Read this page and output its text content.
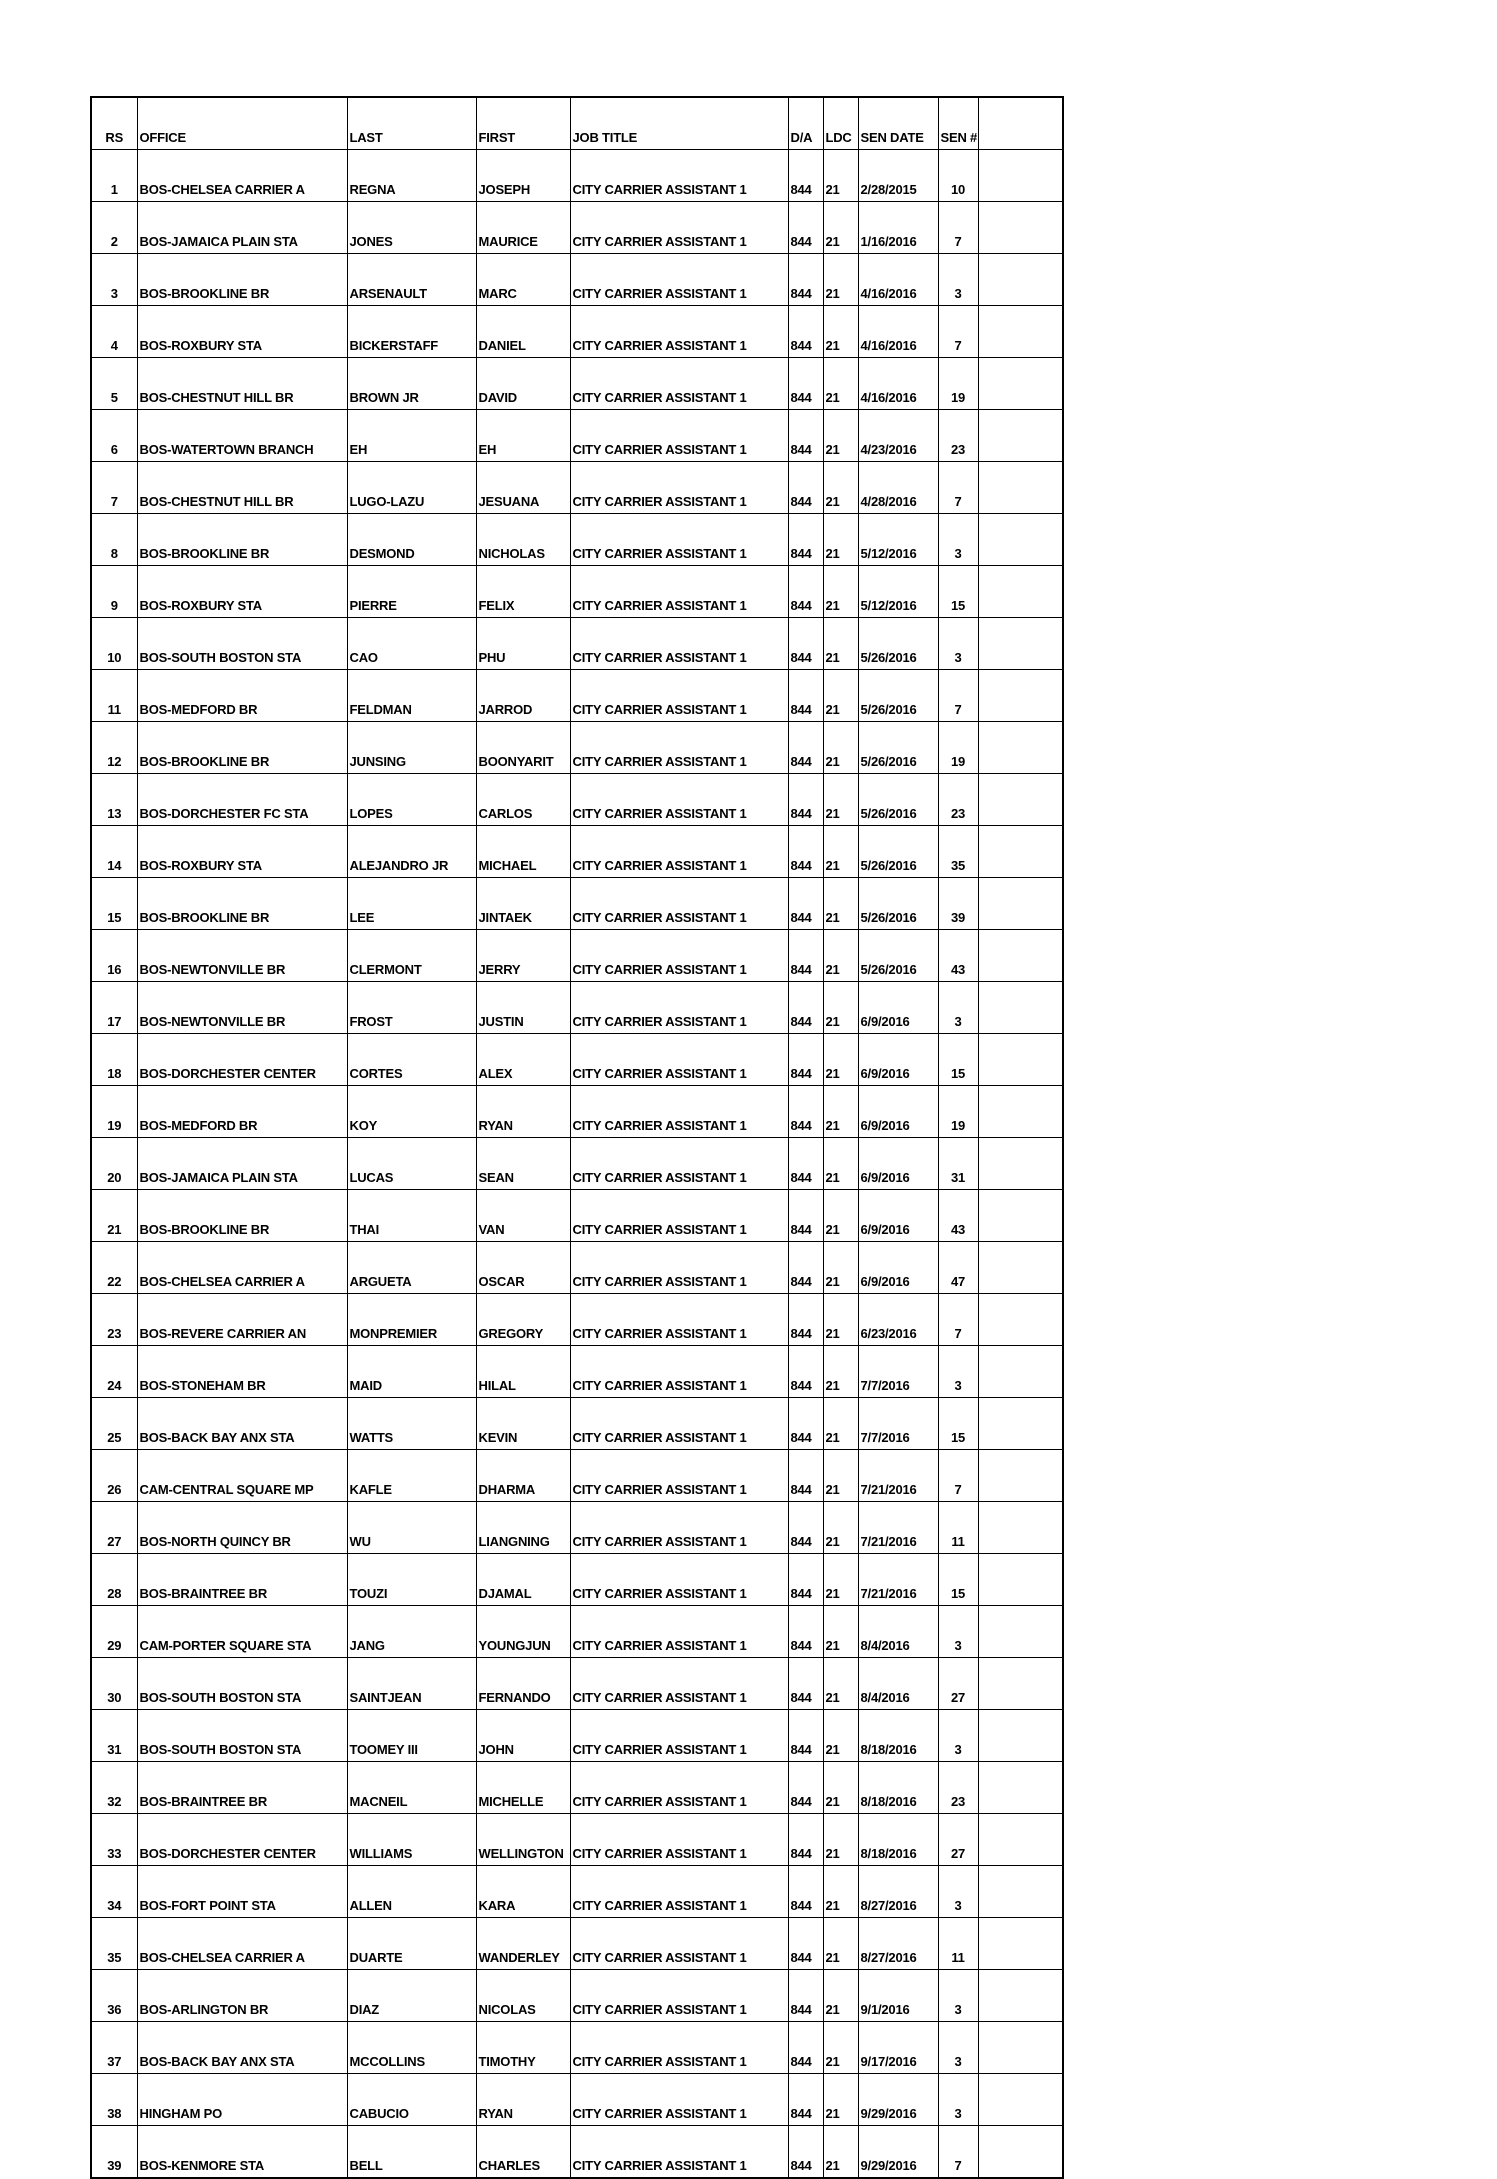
RS	OFFICE	LAST	FIRST	JOB TITLE	D/A	LDC	SEN DATE	SEN #	
1	BOS-CHELSEA CARRIER A	REGNA	JOSEPH	CITY CARRIER ASSISTANT 1	844	21	2/28/2015	10	
2	BOS-JAMAICA PLAIN STA	JONES	MAURICE	CITY CARRIER ASSISTANT 1	844	21	1/16/2016	7	
3	BOS-BROOKLINE BR	ARSENAULT	MARC	CITY CARRIER ASSISTANT 1	844	21	4/16/2016	3	
4	BOS-ROXBURY STA	BICKERSTAFF	DANIEL	CITY CARRIER ASSISTANT 1	844	21	4/16/2016	7	
5	BOS-CHESTNUT HILL BR	BROWN JR	DAVID	CITY CARRIER ASSISTANT 1	844	21	4/16/2016	19	
6	BOS-WATERTOWN BRANCH	EH	EH	CITY CARRIER ASSISTANT 1	844	21	4/23/2016	23	
7	BOS-CHESTNUT HILL BR	LUGO-LAZU	JESUANA	CITY CARRIER ASSISTANT 1	844	21	4/28/2016	7	
8	BOS-BROOKLINE BR	DESMOND	NICHOLAS	CITY CARRIER ASSISTANT 1	844	21	5/12/2016	3	
9	BOS-ROXBURY STA	PIERRE	FELIX	CITY CARRIER ASSISTANT 1	844	21	5/12/2016	15	
10	BOS-SOUTH BOSTON STA	CAO	PHU	CITY CARRIER ASSISTANT 1	844	21	5/26/2016	3	
11	BOS-MEDFORD BR	FELDMAN	JARROD	CITY CARRIER ASSISTANT 1	844	21	5/26/2016	7	
12	BOS-BROOKLINE BR	JUNSING	BOONYARIT	CITY CARRIER ASSISTANT 1	844	21	5/26/2016	19	
13	BOS-DORCHESTER FC STA	LOPES	CARLOS	CITY CARRIER ASSISTANT 1	844	21	5/26/2016	23	
14	BOS-ROXBURY STA	ALEJANDRO JR	MICHAEL	CITY CARRIER ASSISTANT 1	844	21	5/26/2016	35	
15	BOS-BROOKLINE BR	LEE	JINTAEK	CITY CARRIER ASSISTANT 1	844	21	5/26/2016	39	
16	BOS-NEWTONVILLE BR	CLERMONT	JERRY	CITY CARRIER ASSISTANT 1	844	21	5/26/2016	43	
17	BOS-NEWTONVILLE BR	FROST	JUSTIN	CITY CARRIER ASSISTANT 1	844	21	6/9/2016	3	
18	BOS-DORCHESTER CENTER	CORTES	ALEX	CITY CARRIER ASSISTANT 1	844	21	6/9/2016	15	
19	BOS-MEDFORD BR	KOY	RYAN	CITY CARRIER ASSISTANT 1	844	21	6/9/2016	19	
20	BOS-JAMAICA PLAIN STA	LUCAS	SEAN	CITY CARRIER ASSISTANT 1	844	21	6/9/2016	31	
21	BOS-BROOKLINE BR	THAI	VAN	CITY CARRIER ASSISTANT 1	844	21	6/9/2016	43	
22	BOS-CHELSEA CARRIER A	ARGUETA	OSCAR	CITY CARRIER ASSISTANT 1	844	21	6/9/2016	47	
23	BOS-REVERE CARRIER AN	MONPREMIER	GREGORY	CITY CARRIER ASSISTANT 1	844	21	6/23/2016	7	
24	BOS-STONEHAM BR	MAID	HILAL	CITY CARRIER ASSISTANT 1	844	21	7/7/2016	3	
25	BOS-BACK BAY ANX STA	WATTS	KEVIN	CITY CARRIER ASSISTANT 1	844	21	7/7/2016	15	
26	CAM-CENTRAL SQUARE MP	KAFLE	DHARMA	CITY CARRIER ASSISTANT 1	844	21	7/21/2016	7	
27	BOS-NORTH QUINCY BR	WU	LIANGNING	CITY CARRIER ASSISTANT 1	844	21	7/21/2016	11	
28	BOS-BRAINTREE BR	TOUZI	DJAMAL	CITY CARRIER ASSISTANT 1	844	21	7/21/2016	15	
29	CAM-PORTER SQUARE STA	JANG	YOUNGJUN	CITY CARRIER ASSISTANT 1	844	21	8/4/2016	3	
30	BOS-SOUTH BOSTON STA	SAINTJEAN	FERNANDO	CITY CARRIER ASSISTANT 1	844	21	8/4/2016	27	
31	BOS-SOUTH BOSTON STA	TOOMEY III	JOHN	CITY CARRIER ASSISTANT 1	844	21	8/18/2016	3	
32	BOS-BRAINTREE BR	MACNEIL	MICHELLE	CITY CARRIER ASSISTANT 1	844	21	8/18/2016	23	
33	BOS-DORCHESTER CENTER	WILLIAMS	WELLINGTON	CITY CARRIER ASSISTANT 1	844	21	8/18/2016	27	
34	BOS-FORT POINT STA	ALLEN	KARA	CITY CARRIER ASSISTANT 1	844	21	8/27/2016	3	
35	BOS-CHELSEA CARRIER A	DUARTE	WANDERLEY	CITY CARRIER ASSISTANT 1	844	21	8/27/2016	11	
36	BOS-ARLINGTON BR	DIAZ	NICOLAS	CITY CARRIER ASSISTANT 1	844	21	9/1/2016	3	
37	BOS-BACK BAY ANX STA	MCCOLLINS	TIMOTHY	CITY CARRIER ASSISTANT 1	844	21	9/17/2016	3	
38	HINGHAM PO	CABUCIO	RYAN	CITY CARRIER ASSISTANT 1	844	21	9/29/2016	3	
39	BOS-KENMORE STA	BELL	CHARLES	CITY CARRIER ASSISTANT 1	844	21	9/29/2016	7	
